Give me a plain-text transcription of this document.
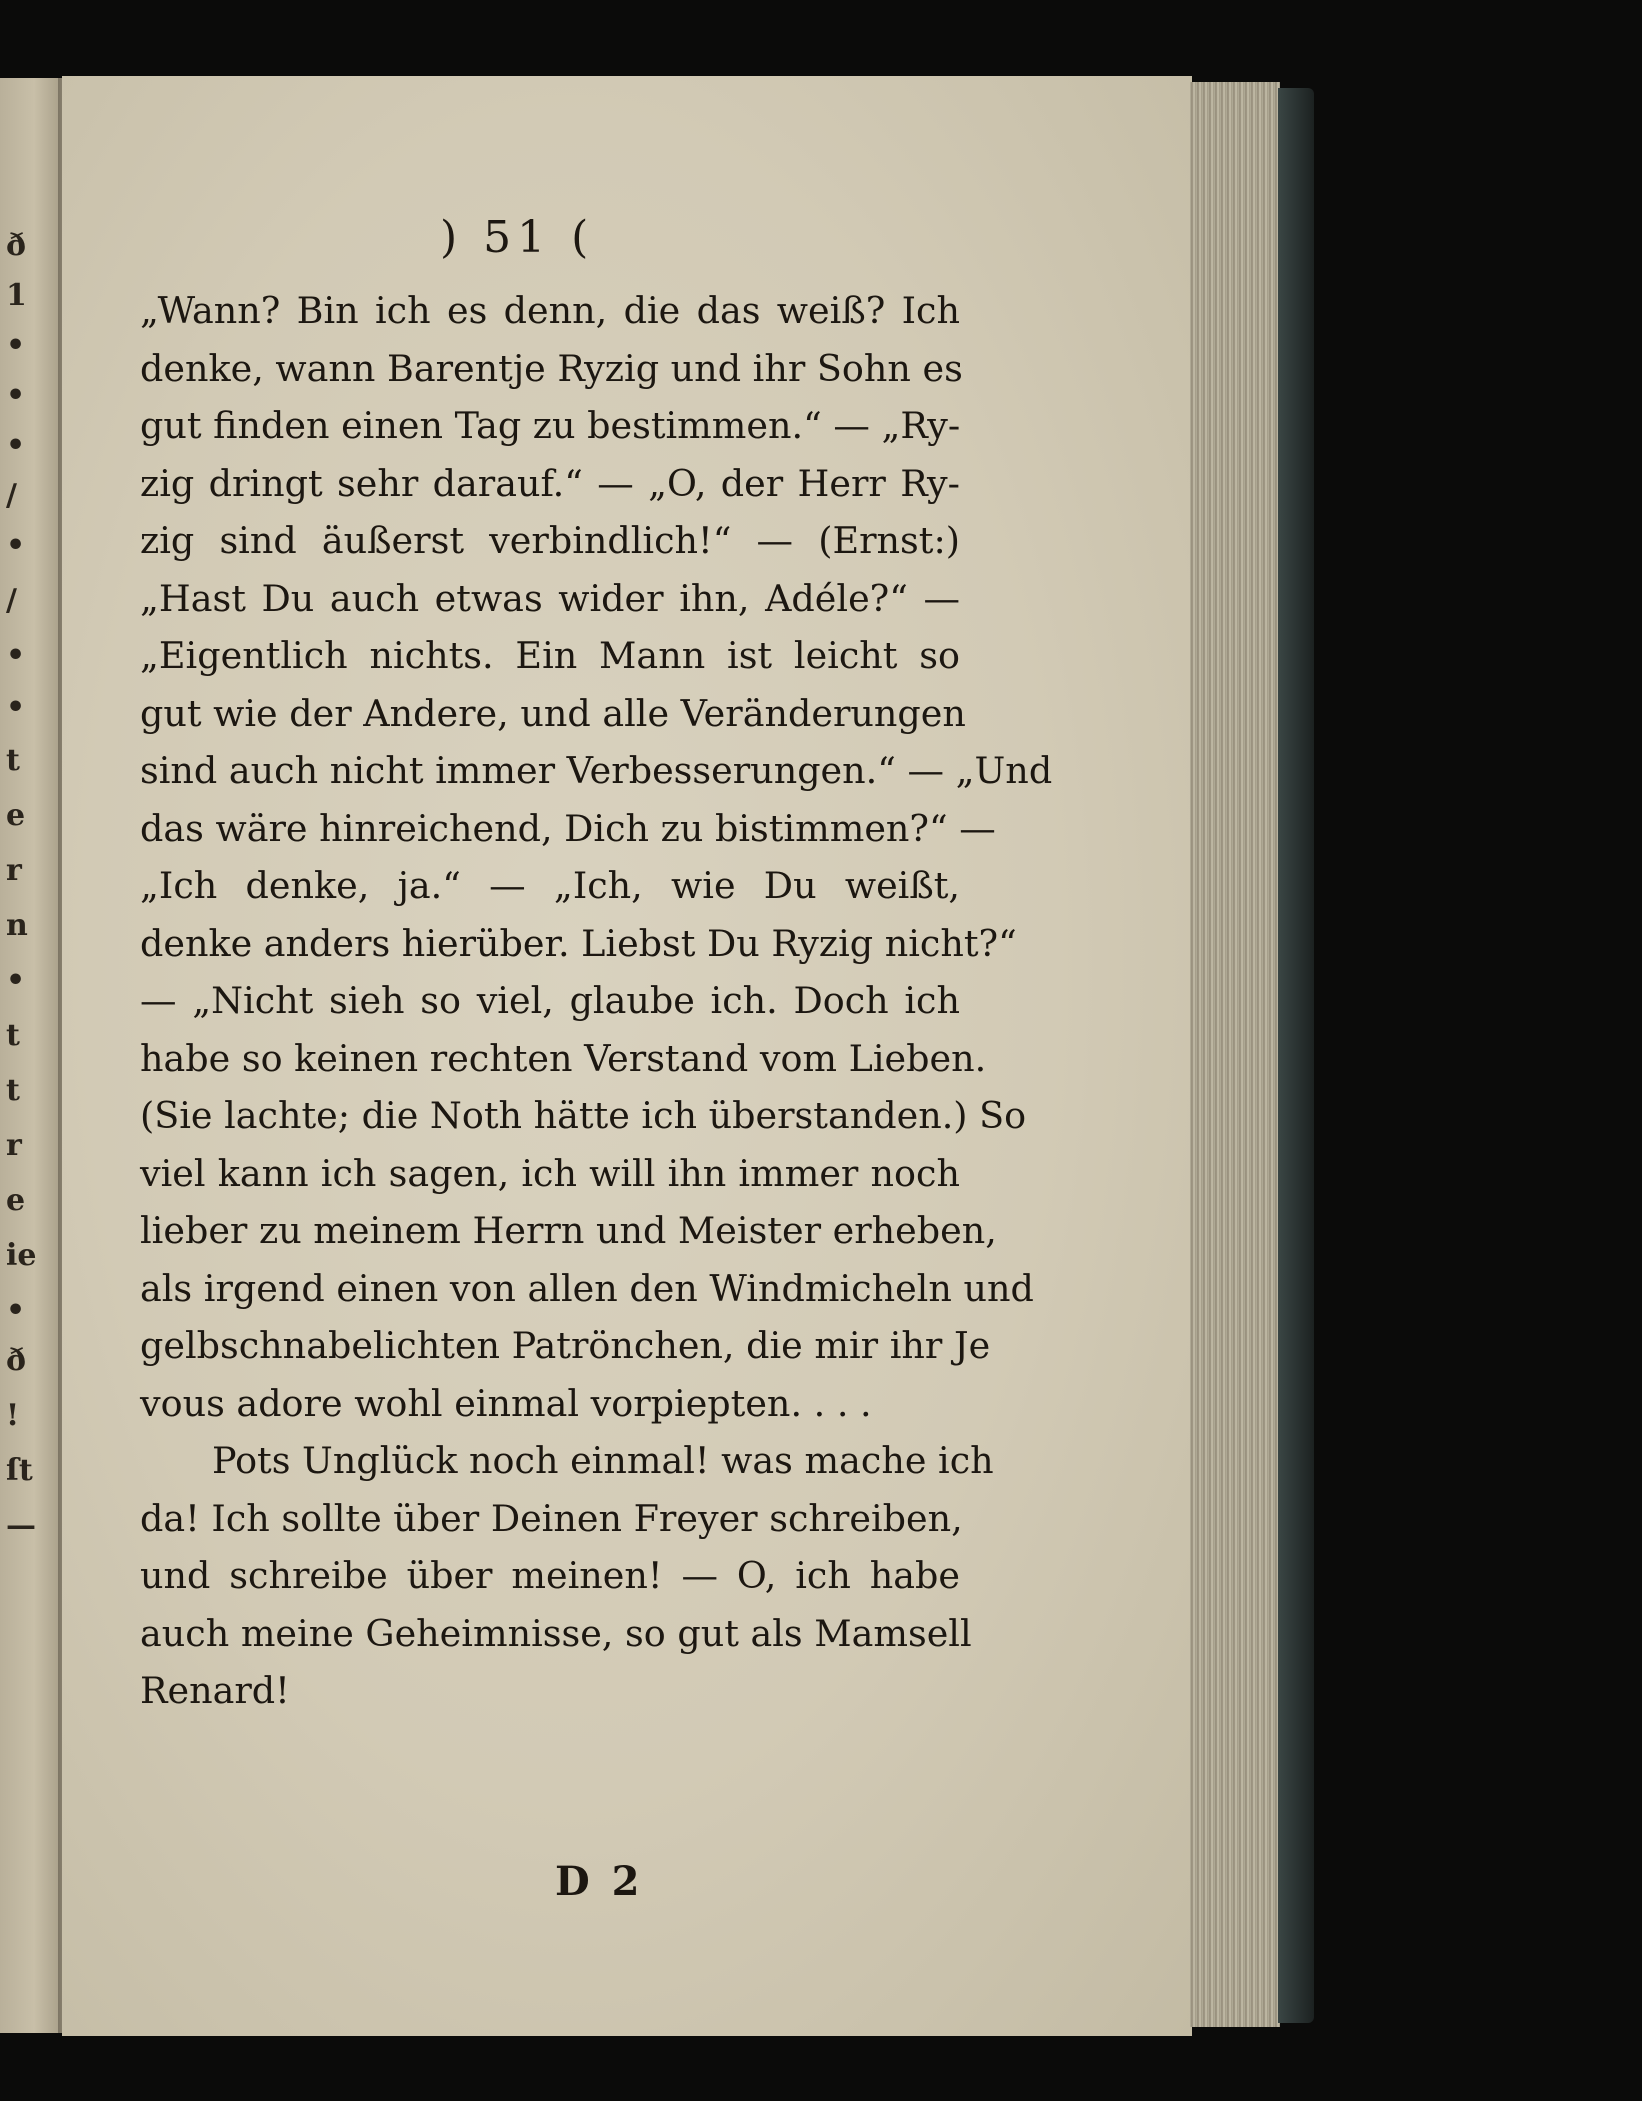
ð
1
•
•
•
/
•
/
•
•
t
e
r
n
•
t
t
r
e
ie
•
ð
!
ſt
—
) 51 (
„Wann? Bin ich es denn, die das weiß? Ich
denke, wann Barentje Ryzig und ihr Sohn es
gut finden einen Tag zu bestimmen.“ — „Ry-
zig dringt sehr darauf.“ — „O, der Herr Ry-
zig sind äußerst verbindlich!“ — (Ernst:)
„Hast Du auch etwas wider ihn, Adéle?“ —
„Eigentlich nichts. Ein Mann ist leicht so
gut wie der Andere, und alle Veränderungen
sind auch nicht immer Verbesserungen.“ — „Und
das wäre hinreichend, Dich zu bistimmen?“ —
„Ich denke, ja.“ — „Ich, wie Du weißt,
denke anders hierüber. Liebst Du Ryzig nicht?“
— „Nicht sieh so viel, glaube ich. Doch ich
habe so keinen rechten Verstand vom Lieben.
(Sie lachte; die Noth hätte ich überstanden.) So
viel kann ich sagen, ich will ihn immer noch
lieber zu meinem Herrn und Meister erheben,
als irgend einen von allen den Windmicheln und
gelbschnabelichten Patrönchen, die mir ihr Je
vous adore wohl einmal vorpiepten. . . .
Pots Unglück noch einmal! was mache ich
da! Ich sollte über Deinen Freyer schreiben,
und schreibe über meinen! — O, ich habe
auch meine Geheimnisse, so gut als Mamsell
Renard!
D 2
